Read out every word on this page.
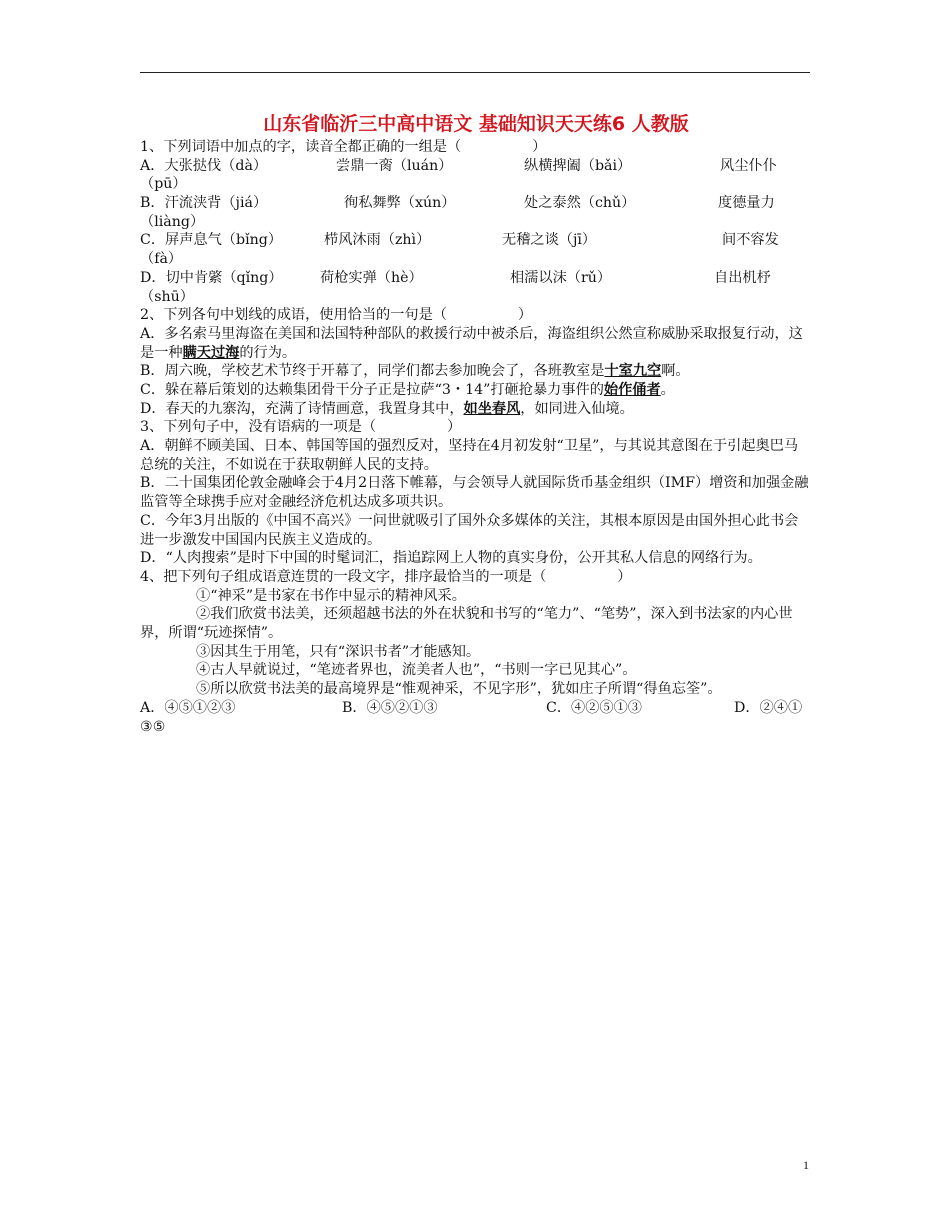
山东省临沂三中高中语文 基础知识天天练6 人教版
1、下列词语中加点的字，读音全都正确的一组是（　　　　　）
A．大张挞伐（dà）	尝鼎一脔（luán）	纵横捭阖（bǎi）	风尘仆仆
（pū）
B．汗流浃背（jiá）	徇私舞弊（xún）	处之泰然（chǔ）	度德量力
（liàng）
C．屏声息气（bǐng）	栉风沐雨（zhì）	无稽之谈（jī）	间不容发
（fà）
D．切中肯綮（qǐng）	荷枪实弹（hè）	相濡以沫（rǔ）	自出机杼
（shū）
2、下列各句中划线的成语，使用恰当的一句是（　　　　　）
A．多名索马里海盗在美国和法国特种部队的救援行动中被杀后，海盗组织公然宣称威胁采取报复行动，这是一种瞒天过海的行为。
B．周六晚，学校艺术节终于开幕了，同学们都去参加晚会了，各班教室是十室九空啊。
C．躲在幕后策划的达赖集团骨干分子正是拉萨“3・14”打砸抢暴力事件的始作俑者。
D．春天的九寨沟，充满了诗情画意，我置身其中，如坐春风，如同进入仙境。
3、下列句子中，没有语病的一项是（　　　　　）
A．朝鲜不顾美国、日本、韩国等国的强烈反对，坚持在4月初发射“卫星”，与其说其意图在于引起奥巴马总统的关注，不如说在于获取朝鲜人民的支持。
B．二十国集团伦敦金融峰会于4月2日落下帷幕，与会领导人就国际货币基金组织（IMF）增资和加强金融监管等全球携手应对金融经济危机达成多项共识。
C．今年3月出版的《中国不高兴》一问世就吸引了国外众多媒体的关注，其根本原因是由国外担心此书会进一步激发中国国内民族主义造成的。
D．“人肉搜索”是时下中国的时髦词汇，指追踪网上人物的真实身份，公开其私人信息的网络行为。
4、把下列句子组成语意连贯的一段文字，排序最恰当的一项是（　　　　　）
①“神采”是书家在书作中显示的精神风采。
②我们欣赏书法美，还须超越书法的外在状貌和书写的“笔力”、“笔势”，深入到书法家的内心世界，所谓“玩迹探情”。
③因其生于用笔，只有“深识书者”才能感知。
④古人早就说过，“笔迹者界也，流美者人也”，“书则一字已见其心”。
⑤所以欣赏书法美的最高境界是“惟观神采，不见字形”，犹如庄子所谓“得鱼忘筌”。
A．④⑤①②③	B．④⑤②①③	C．④②⑤①③	D．②④①
③⑤
1
